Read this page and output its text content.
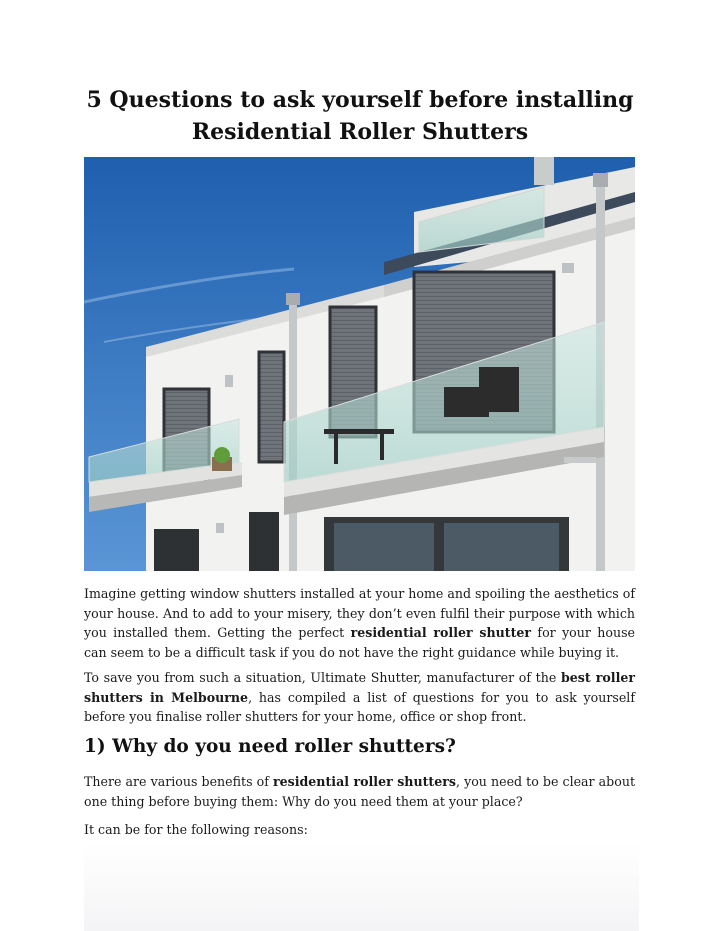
5 Questions to ask yourself before installing
Residential Roller Shutters

Imagine getting window shutters installed at your home and spoiling the aesthetics of your house. And to add to your misery, they don’t even fulfil their purpose with which you installed them. Getting the perfect residential roller shutter for your house can seem to be a difficult task if you do not have the right guidance while buying it.

To save you from such a situation, Ultimate Shutter, manufacturer of the best roller shutters in Melbourne, has compiled a list of questions for you to ask yourself before you finalise roller shutters for your home, office or shop front.

1) Why do you need roller shutters?

There are various benefits of residential roller shutters, you need to be clear about one thing before buying them: Why do you need them at your place?

It can be for the following reasons:
